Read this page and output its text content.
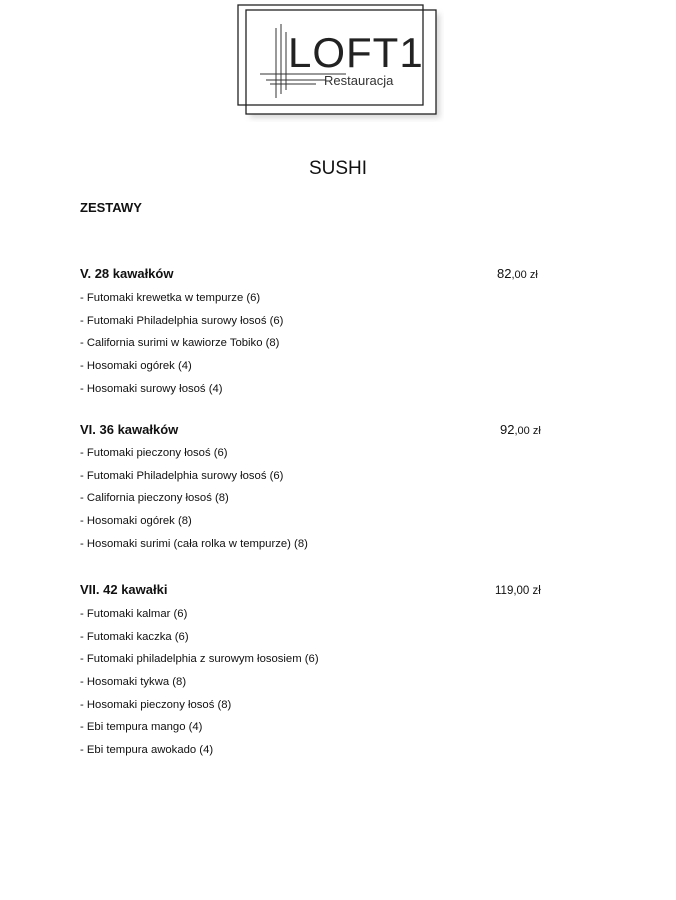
LOFT1
Restauracja
SUSHI
ZESTAWY
V. 28 kawałków	82,00 zł
- Futomaki krewetka w tempurze (6)
- Futomaki Philadelphia surowy łosoś (6)
- California surimi w kawiorze Tobiko (8)
- Hosomaki ogórek (4)
- Hosomaki surowy łosoś (4)
VI. 36 kawałków	92,00 zł
- Futomaki pieczony łosoś (6)
- Futomaki Philadelphia surowy łosoś (6)
- California pieczony łosoś (8)
- Hosomaki ogórek (8)
- Hosomaki surimi (cała rolka w tempurze) (8)
VII. 42 kawałki	119,00 zł
- Futomaki kalmar (6)
- Futomaki kaczka (6)
- Futomaki philadelphia z surowym łososiem (6)
- Hosomaki tykwa (8)
- Hosomaki pieczony łosoś (8)
- Ebi tempura mango (4)
- Ebi tempura awokado (4)
